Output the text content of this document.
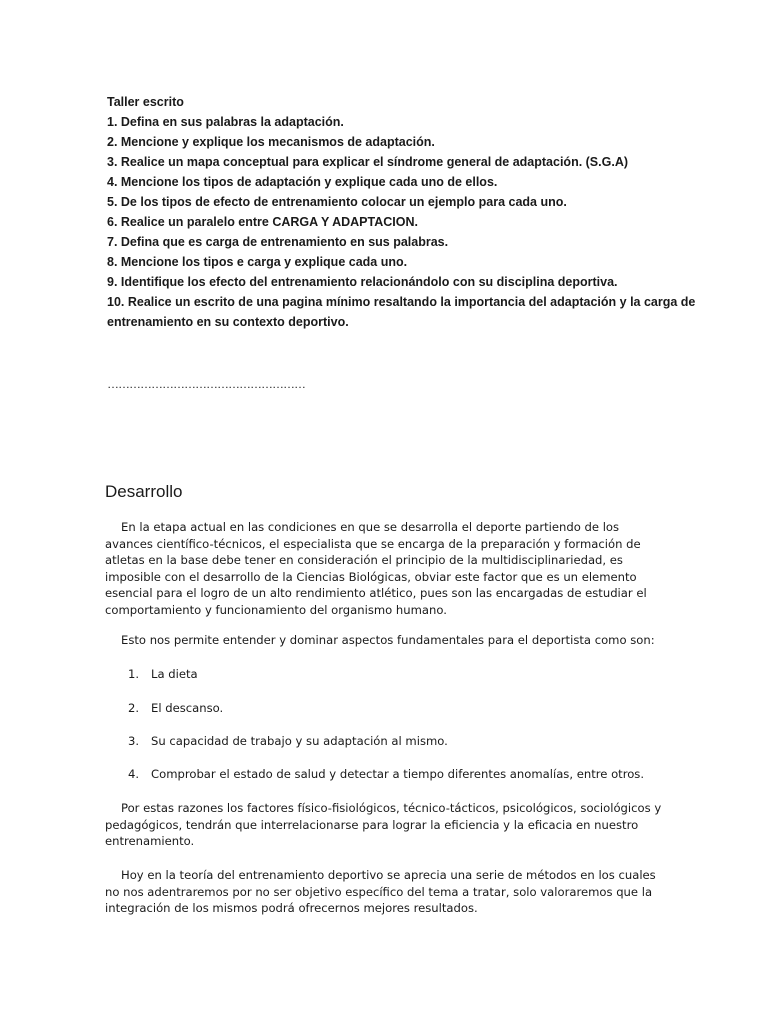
Taller escrito
1. Defina en sus palabras la adaptación.
2. Mencione y explique los mecanismos de adaptación.
3. Realice un mapa conceptual para explicar el síndrome general de adaptación. (S.G.A)
4. Mencione los tipos de adaptación y explique cada uno de ellos.
5. De los tipos de efecto de entrenamiento colocar un ejemplo para cada uno.
6. Realice un paralelo entre CARGA Y ADAPTACION.
7. Defina que es carga de entrenamiento en sus palabras.
8. Mencione los tipos e carga y explique cada uno.
9. Identifique los efecto del entrenamiento relacionándolo con su disciplina deportiva.
10. Realice un escrito de una pagina mínimo resaltando la importancia del adaptación y la carga de entrenamiento en su contexto deportivo.
………………………………………………
Desarrollo

En la etapa actual en las condiciones en que se desarrolla el deporte partiendo de los avances científico-técnicos, el especialista que se encarga de la preparación y formación de atletas en la base debe tener en consideración el principio de la multidisciplinariedad, es imposible con el desarrollo de la Ciencias Biológicas, obviar este factor que es un elemento esencial para el logro de un alto rendimiento atlético, pues son las encargadas de estudiar el comportamiento y funcionamiento del organismo humano.

Esto nos permite entender y dominar aspectos fundamentales para el deportista como son:

1. La dieta
2. El descanso.
3. Su capacidad de trabajo y su adaptación al mismo.
4. Comprobar el estado de salud y detectar a tiempo diferentes anomalías, entre otros.

Por estas razones los factores físico-fisiológicos, técnico-tácticos, psicológicos, sociológicos y pedagógicos, tendrán que interrelacionarse para lograr la eficiencia y la eficacia en nuestro entrenamiento.

Hoy en la teoría del entrenamiento deportivo se aprecia una serie de métodos en los cuales no nos adentraremos por no ser objetivo específico del tema a tratar, solo valoraremos que la integración de los mismos podrá ofrecernos mejores resultados.
